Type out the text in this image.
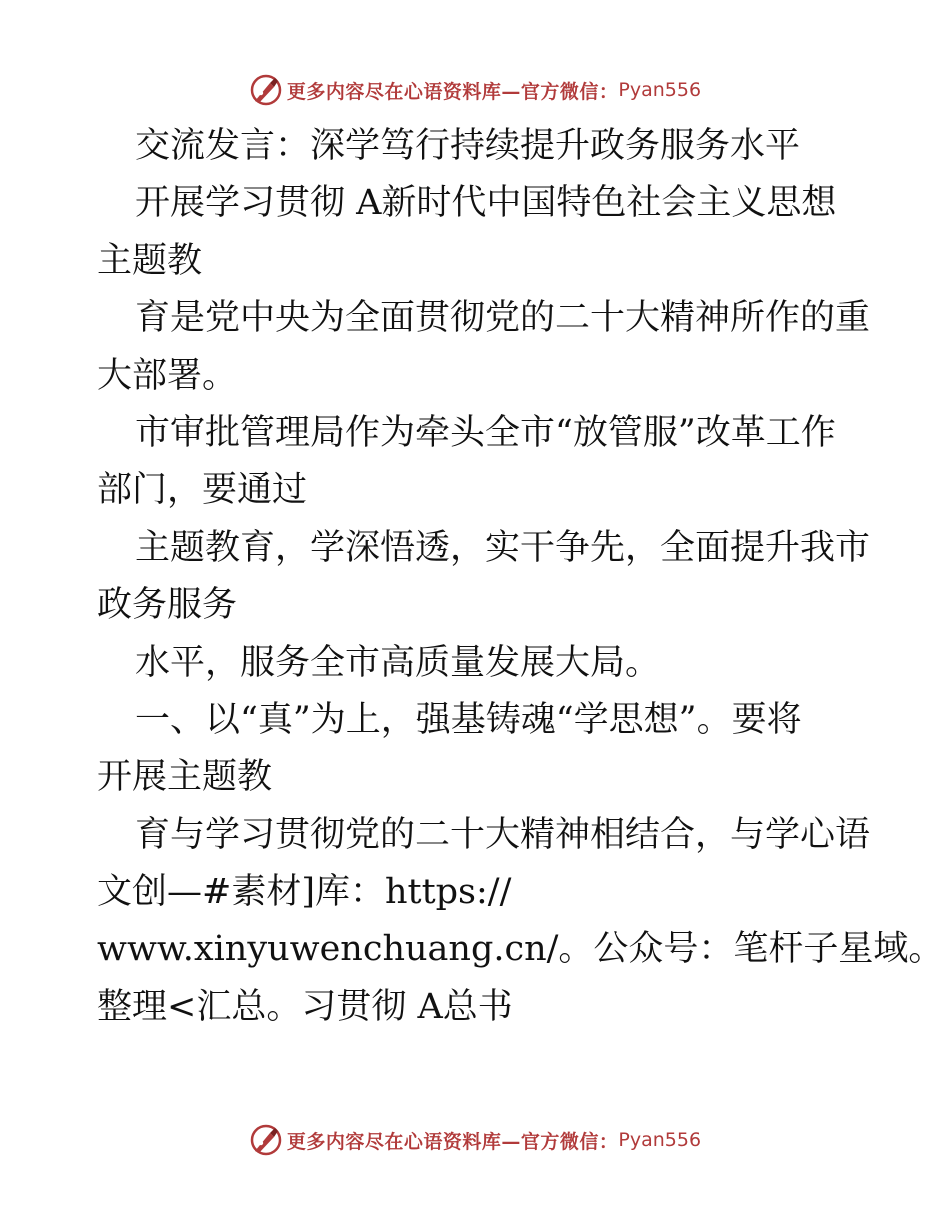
更多内容尽在心语资料库—官方微信： Pyan556
交流发言：深学笃行持续提升政务服务水平
开展学习贯彻 A新时代中国特色社会主义思想
主题教
育是党中央为全面贯彻党的二十大精神所作的重
大部署。
市审批管理局作为牵头全市“放管服”改革工作
部门，要通过
主题教育，学深悟透，实干争先，全面提升我市
政务服务
水平，服务全市高质量发展大局。
一、以“真”为上，强基铸魂“学思想”。要将
开展主题教
育与学习贯彻党的二十大精神相结合，与学心语
文创—#素材]库：https://
www.xinyuwenchuang.cn/。公众号：笔杆子星域。
整理<汇总。习贯彻 A总书
更多内容尽在心语资料库—官方微信： Pyan556
